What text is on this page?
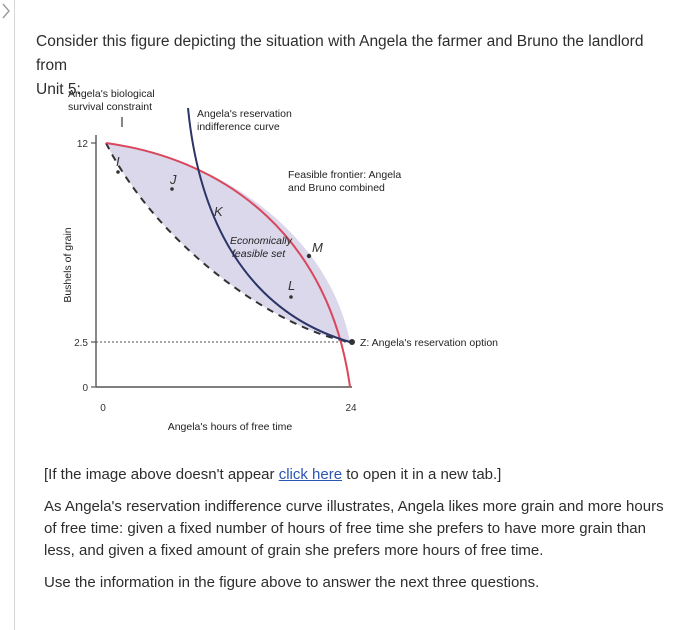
Consider this figure depicting the situation with Angela the farmer and Bruno the landlord from
Unit 5:
12
2.5
0
0	24
I
J
K
M
L
Angela's biological
survival constraint
Angela's reservation
indifference curve
Feasible frontier: Angela
and Bruno combined
Economically
feasible set
Z: Angela's reservation option
Bushels of grain
Angela's hours of free time

[If the image above doesn't appear click here to open it in a new tab.]

As Angela's reservation indifference curve illustrates, Angela likes more grain and more hours of free time: given a fixed number of hours of free time she prefers to have more grain than less, and given a fixed amount of grain she prefers more hours of free time.

Use the information in the figure above to answer the next three questions.
